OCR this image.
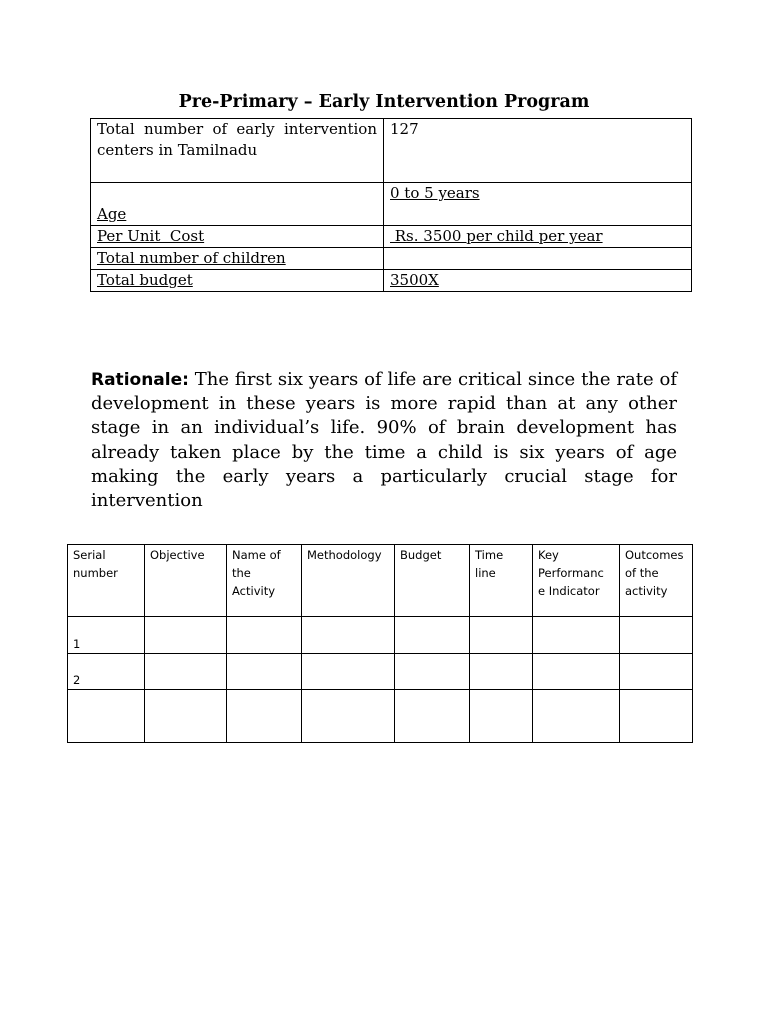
Pre-Primary – Early Intervention Program
Total number of early intervention centers in Tamilnadu	127
Age	0 to 5 years
Per Unit  Cost	Rs. 3500 per child per year
Total number of children	
Total budget	3500X
Rationale: The first six years of life are critical since the rate of development in these years is more rapid than at any other stage in an individual’s life. 90% of brain development has already taken place by the time a child is six years of age making the early years a particularly crucial stage for intervention
Serial number	Objective	Name of the Activity	Methodology	Budget	Time line	Key Performanc e Indicator	Outcomes of the activity
1							
2							
